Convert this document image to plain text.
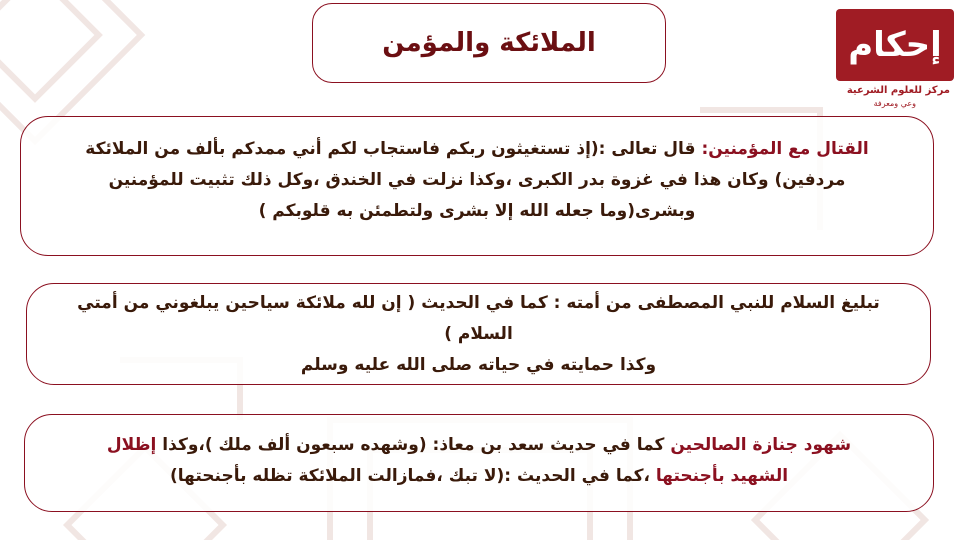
الملائكة والمؤمن	إحكام
مركز للعلوم الشرعية
وعي ومعرفة
القتال مع المؤمنين: قال تعالى :(إذ تستغيثون ربكم فاستجاب لكم أني ممدكم بألف من الملائكة
مردفين) وكان هذا في غزوة بدر الكبرى ،وكذا نزلت في الخندق ،وكل ذلك تثبيت للمؤمنين
وبشرى(وما جعله الله إلا بشرى ولتطمئن به قلوبكم )
تبليغ السلام للنبي المصطفى من أمته : كما في الحديث ( إن لله ملائكة سياحين يبلغوني من أمتي
السلام )
وكذا حمايته في حياته صلى الله عليه وسلم
شهود جنازة الصالحين كما في حديث سعد بن معاذ: (وشهده سبعون ألف ملك )،وكذا إظلال
الشهيد بأجنحتها ،كما في الحديث :(لا تبك ،فمازالت الملائكة تظله بأجنحتها)
